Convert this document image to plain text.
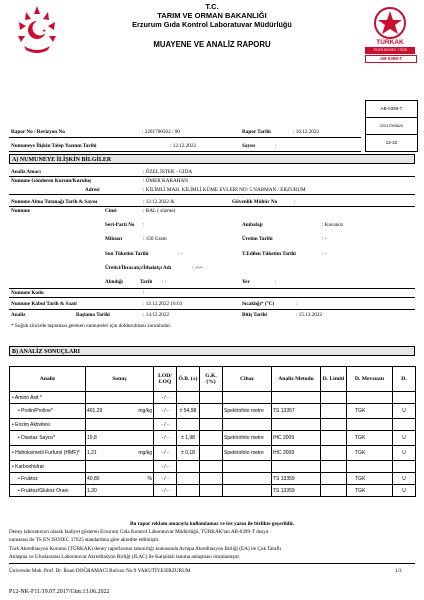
T.C.
TARIM VE ORMAN BAKANLIĞI
Erzurum Gıda Kontrol Laboratuvar Müdürlüğü
MUAYENE VE ANALİZ RAPORU	TÜRKAK
TS EN ISO/IEC 17025
AB-0399-T
AB-0399-T
22017005620
12-22
Rapor No / Revizyon No	: 2201700562 / 00	Rapor Tarihi	: 16.12.2022
Numuneye İlişkin Talep Yazının Tarihi	: 12.12.2022	Sayısı	:
A) NUMUNEYE İLİŞKİN BİLGİLER
Analiz Amacı	: ÖZEL İSTEK - GIDA
Numune Gönderen Kurum/Kuruluş	: ÖMER KARAHAN
Adresi	: KİLİMLİ MAH. KİLİMLİ KÜME EVLERİ NO: 5 NARMAN / ERZURUM
Numune Alma Tutanağı Tarih & Sayısı	: 12.12.2022 &	Güvenlik Mühür No	:
Numune	Cinsi	: BAL ( süzme)
Seri-Parti No :	Ambalajı	: Kavanoz
Miktarı	: 150 Gram	Üretim Tarihi	: -
Son Tüketim Tarihi	: -	T.Edilen Tüketim Tarihi	: -
Üretici/İhracatçı/İthalatçı Adı	: -/-/-
Alındığı	Tarih : -	Yer	:
Numune Kodu	:
Numune Kabul Tarih & Saati	: 12.12.2022 16:03	Sıcaklığı* (°C)	:
Analiz	Başlama Tarihi	: 14.12.2022	Bitiş Tarihi	: 15.12.2022
* Soğuk zincirde taşınması gereken numuneler için doldurulması zorunludur.
B) ANALİZ SONUÇLARI
Analiz	Sonuç		LOD/ LOQ	Ö.B. (±)	G.K. (%)	Cihaz	Analiz Metodu	D. Limiti	D. Mevzuatı	D.
• Amino Asit *			- / -							
• Prolin/Proline*	401,29	mg/kg	- / -	± 54,98		Spektrofoto metre	TS 13357		TGK	U
• Enzim Aktivitesi			- / -							
• Diastaz Sayısı*	19,8		- / -	± 1,98		Spektrofoto metre	IHC 2009		TGK	U
• Hidroksimetil Furfurol (HMF)*	1,21	mg/kg	- / -	± 0,18		Spektrofoto metre	IHC 2009		TGK	U
• Karbonhidrat			- / -							
• Fruktoz	40,80	%	- / -				TS 13359		TGK	U
• Fruktoz/Glukoz Oranı	1,30		- / -				TS 13359		TGK	U
Bu rapor reklam amacıyla kullanılamaz ve üst yazısı ile birlikte geçerlidir.
Deney laboratuvarı olarak faaliyet gösteren Erzurum Gıda Kontrol Laboratuvar Müdürlüğü, TÜRKAK'tan AB-0399-T dosya
numarası ile TS EN ISO/IEC 17025 standardına göre akredite edilmiştir.
Türk Akreditasyon Kurumu (TÜRKAK) deney raporlarının tanınırlığı konusunda Avrupa Akreditasyon Birliği (EA) ile Çok Taraflı
Anlaşma ve Uluslararası Laboratuvar Akreditasyon Birliği (ILAC) ile Karşılıklı tanıma anlaşması imzalamıştır.
Üniversite Mah. Prof. Dr. İhsan DOĞRAMACI Bulvarı No:9 YAKUTİYE/ERZURUM	1/3
P12-NK-F11/19.07.2017/Gün:13.06.2022
